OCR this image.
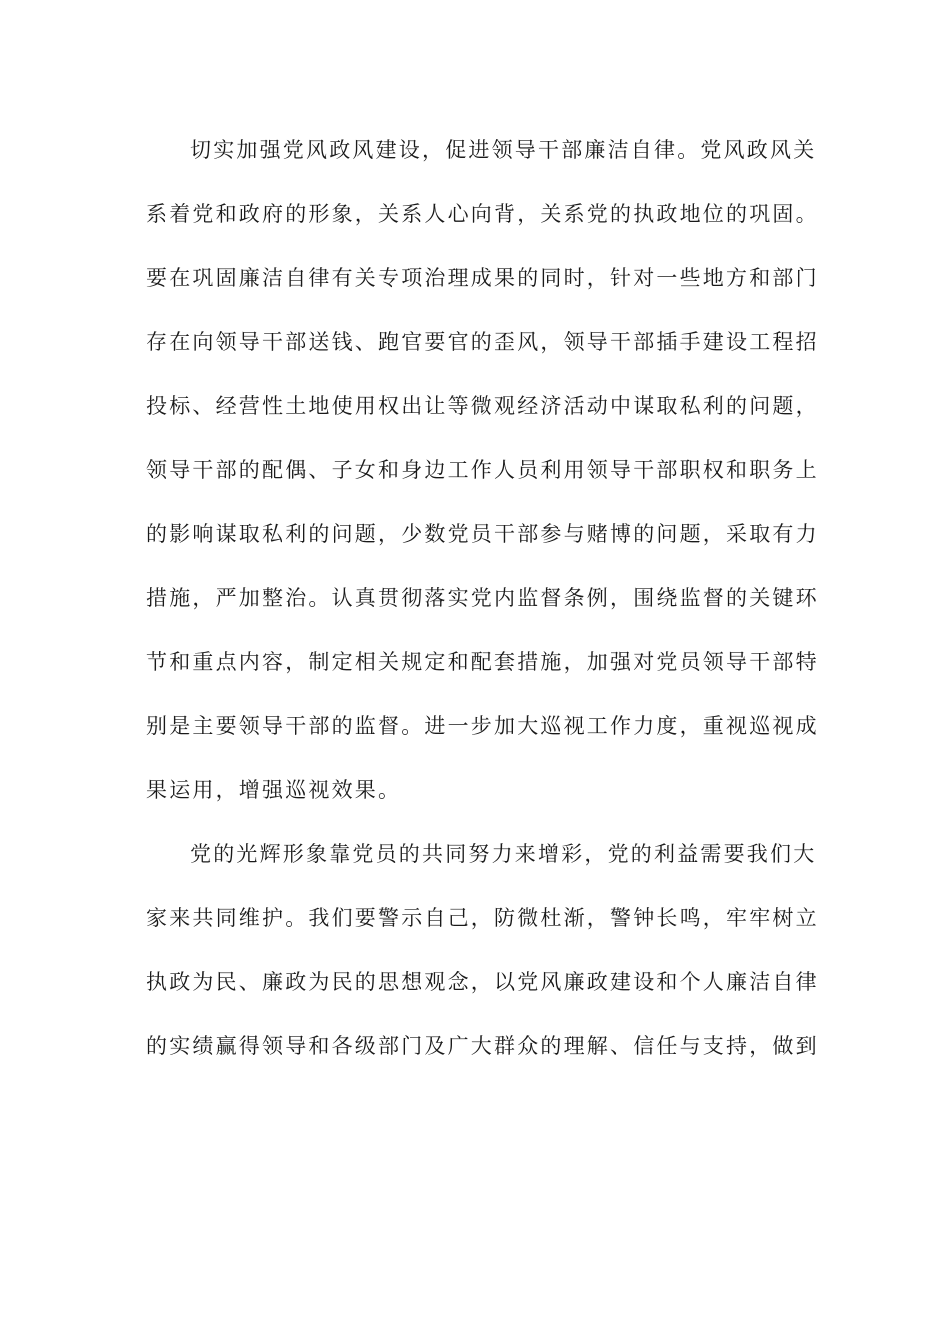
切实加强党风政风建设，促进领导干部廉洁自律。党风政风关
系着党和政府的形象，关系人心向背，关系党的执政地位的巩固。
要在巩固廉洁自律有关专项治理成果的同时，针对一些地方和部门
存在向领导干部送钱、跑官要官的歪风，领导干部插手建设工程招
投标、经营性土地使用权出让等微观经济活动中谋取私利的问题，
领导干部的配偶、子女和身边工作人员利用领导干部职权和职务上
的影响谋取私利的问题，少数党员干部参与赌博的问题，采取有力
措施，严加整治。认真贯彻落实党内监督条例，围绕监督的关键环
节和重点内容，制定相关规定和配套措施，加强对党员领导干部特
别是主要领导干部的监督。进一步加大巡视工作力度，重视巡视成
果运用，增强巡视效果。
党的光辉形象靠党员的共同努力来增彩，党的利益需要我们大
家来共同维护。我们要警示自己，防微杜渐，警钟长鸣，牢牢树立
执政为民、廉政为民的思想观念，以党风廉政建设和个人廉洁自律
的实绩赢得领导和各级部门及广大群众的理解、信任与支持，做到
